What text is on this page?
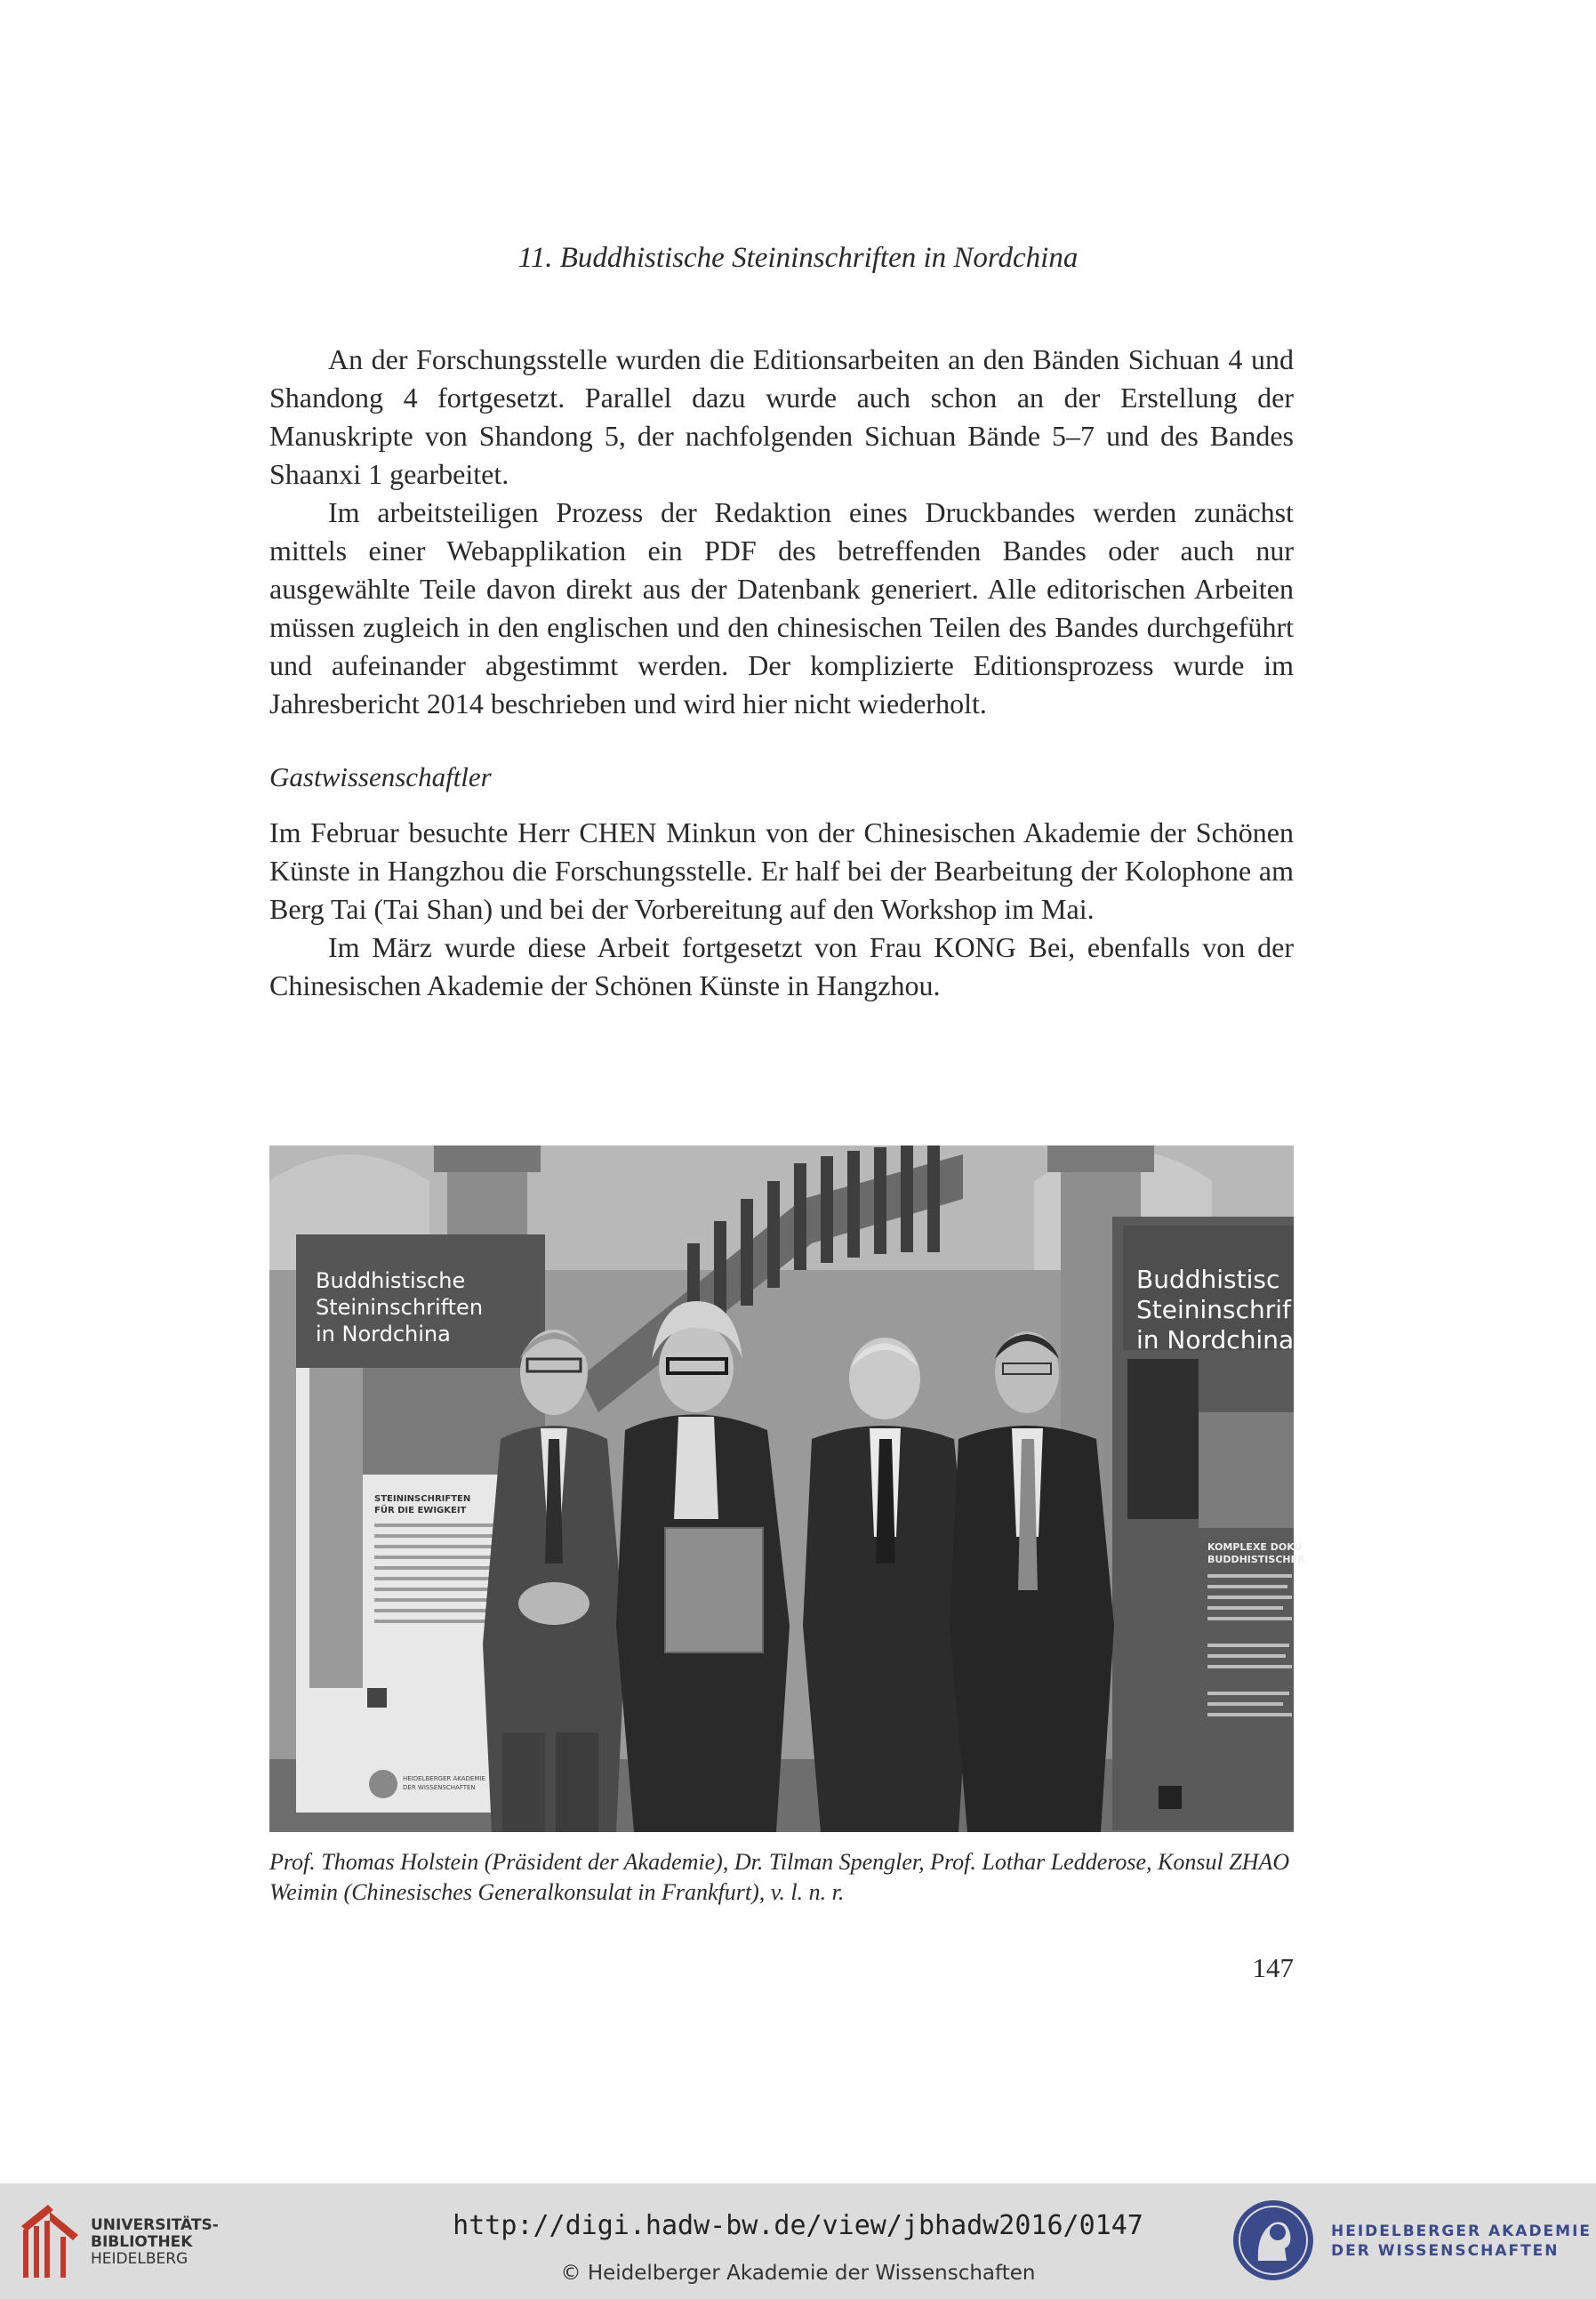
11. Buddhistische Steininschriften in Nordchina

An der Forschungsstelle wurden die Editionsarbeiten an den Bänden Sichuan 4 und Shandong 4 fortgesetzt. Parallel dazu wurde auch schon an der Erstellung der Manuskripte von Shandong 5, der nachfolgenden Sichuan Bände 5–7 und des Bandes Shaanxi 1 gearbeitet.

Im arbeitsteiligen Prozess der Redaktion eines Druckbandes werden zunächst mittels einer Webapplikation ein PDF des betreffenden Bandes oder auch nur ausgewählte Teile davon direkt aus der Datenbank generiert. Alle editorischen Arbeiten müssen zugleich in den englischen und den chinesischen Teilen des Bandes durchgeführt und aufeinander abgestimmt werden. Der komplizierte Editionsprozess wurde im Jahresbericht 2014 beschrieben und wird hier nicht wiederholt.

Gastwissenschaftler

Im Februar besuchte Herr CHEN Minkun von der Chinesischen Akademie der Schönen Künste in Hangzhou die Forschungsstelle. Er half bei der Bearbeitung der Kolophone am Berg Tai (Tai Shan) und bei der Vorbereitung auf den Workshop im Mai.

Im März wurde diese Arbeit fortgesetzt von Frau KONG Bei, ebenfalls von der Chinesischen Akademie der Schönen Künste in Hangzhou.

Buddhistische
Steininschriften
in Nordchina
STEININSCHRIFTEN
FÜR DIE EWIGKEIT
HEIDELBERGER AKADEMIE
DER WISSENSCHAFTEN
Buddhistisc
Steininschrif
in Nordchina
KOMPLEXE DOKU
BUDDHISTISCHER
Prof. Thomas Holstein (Präsident der Akademie), Dr. Tilman Spengler, Prof. Lothar Ledderose, Konsul ZHAO Weimin (Chinesisches Generalkonsulat in Frankfurt), v. l. n. r.
147
UNIVERSITÄTS-
BIBLIOTHEK
HEIDELBERG
http://digi.hadw-bw.de/view/jbhadw2016/0147
© Heidelberger Akademie der Wissenschaften
HEIDELBERGER AKADEMIE
DER WISSENSCHAFTEN
